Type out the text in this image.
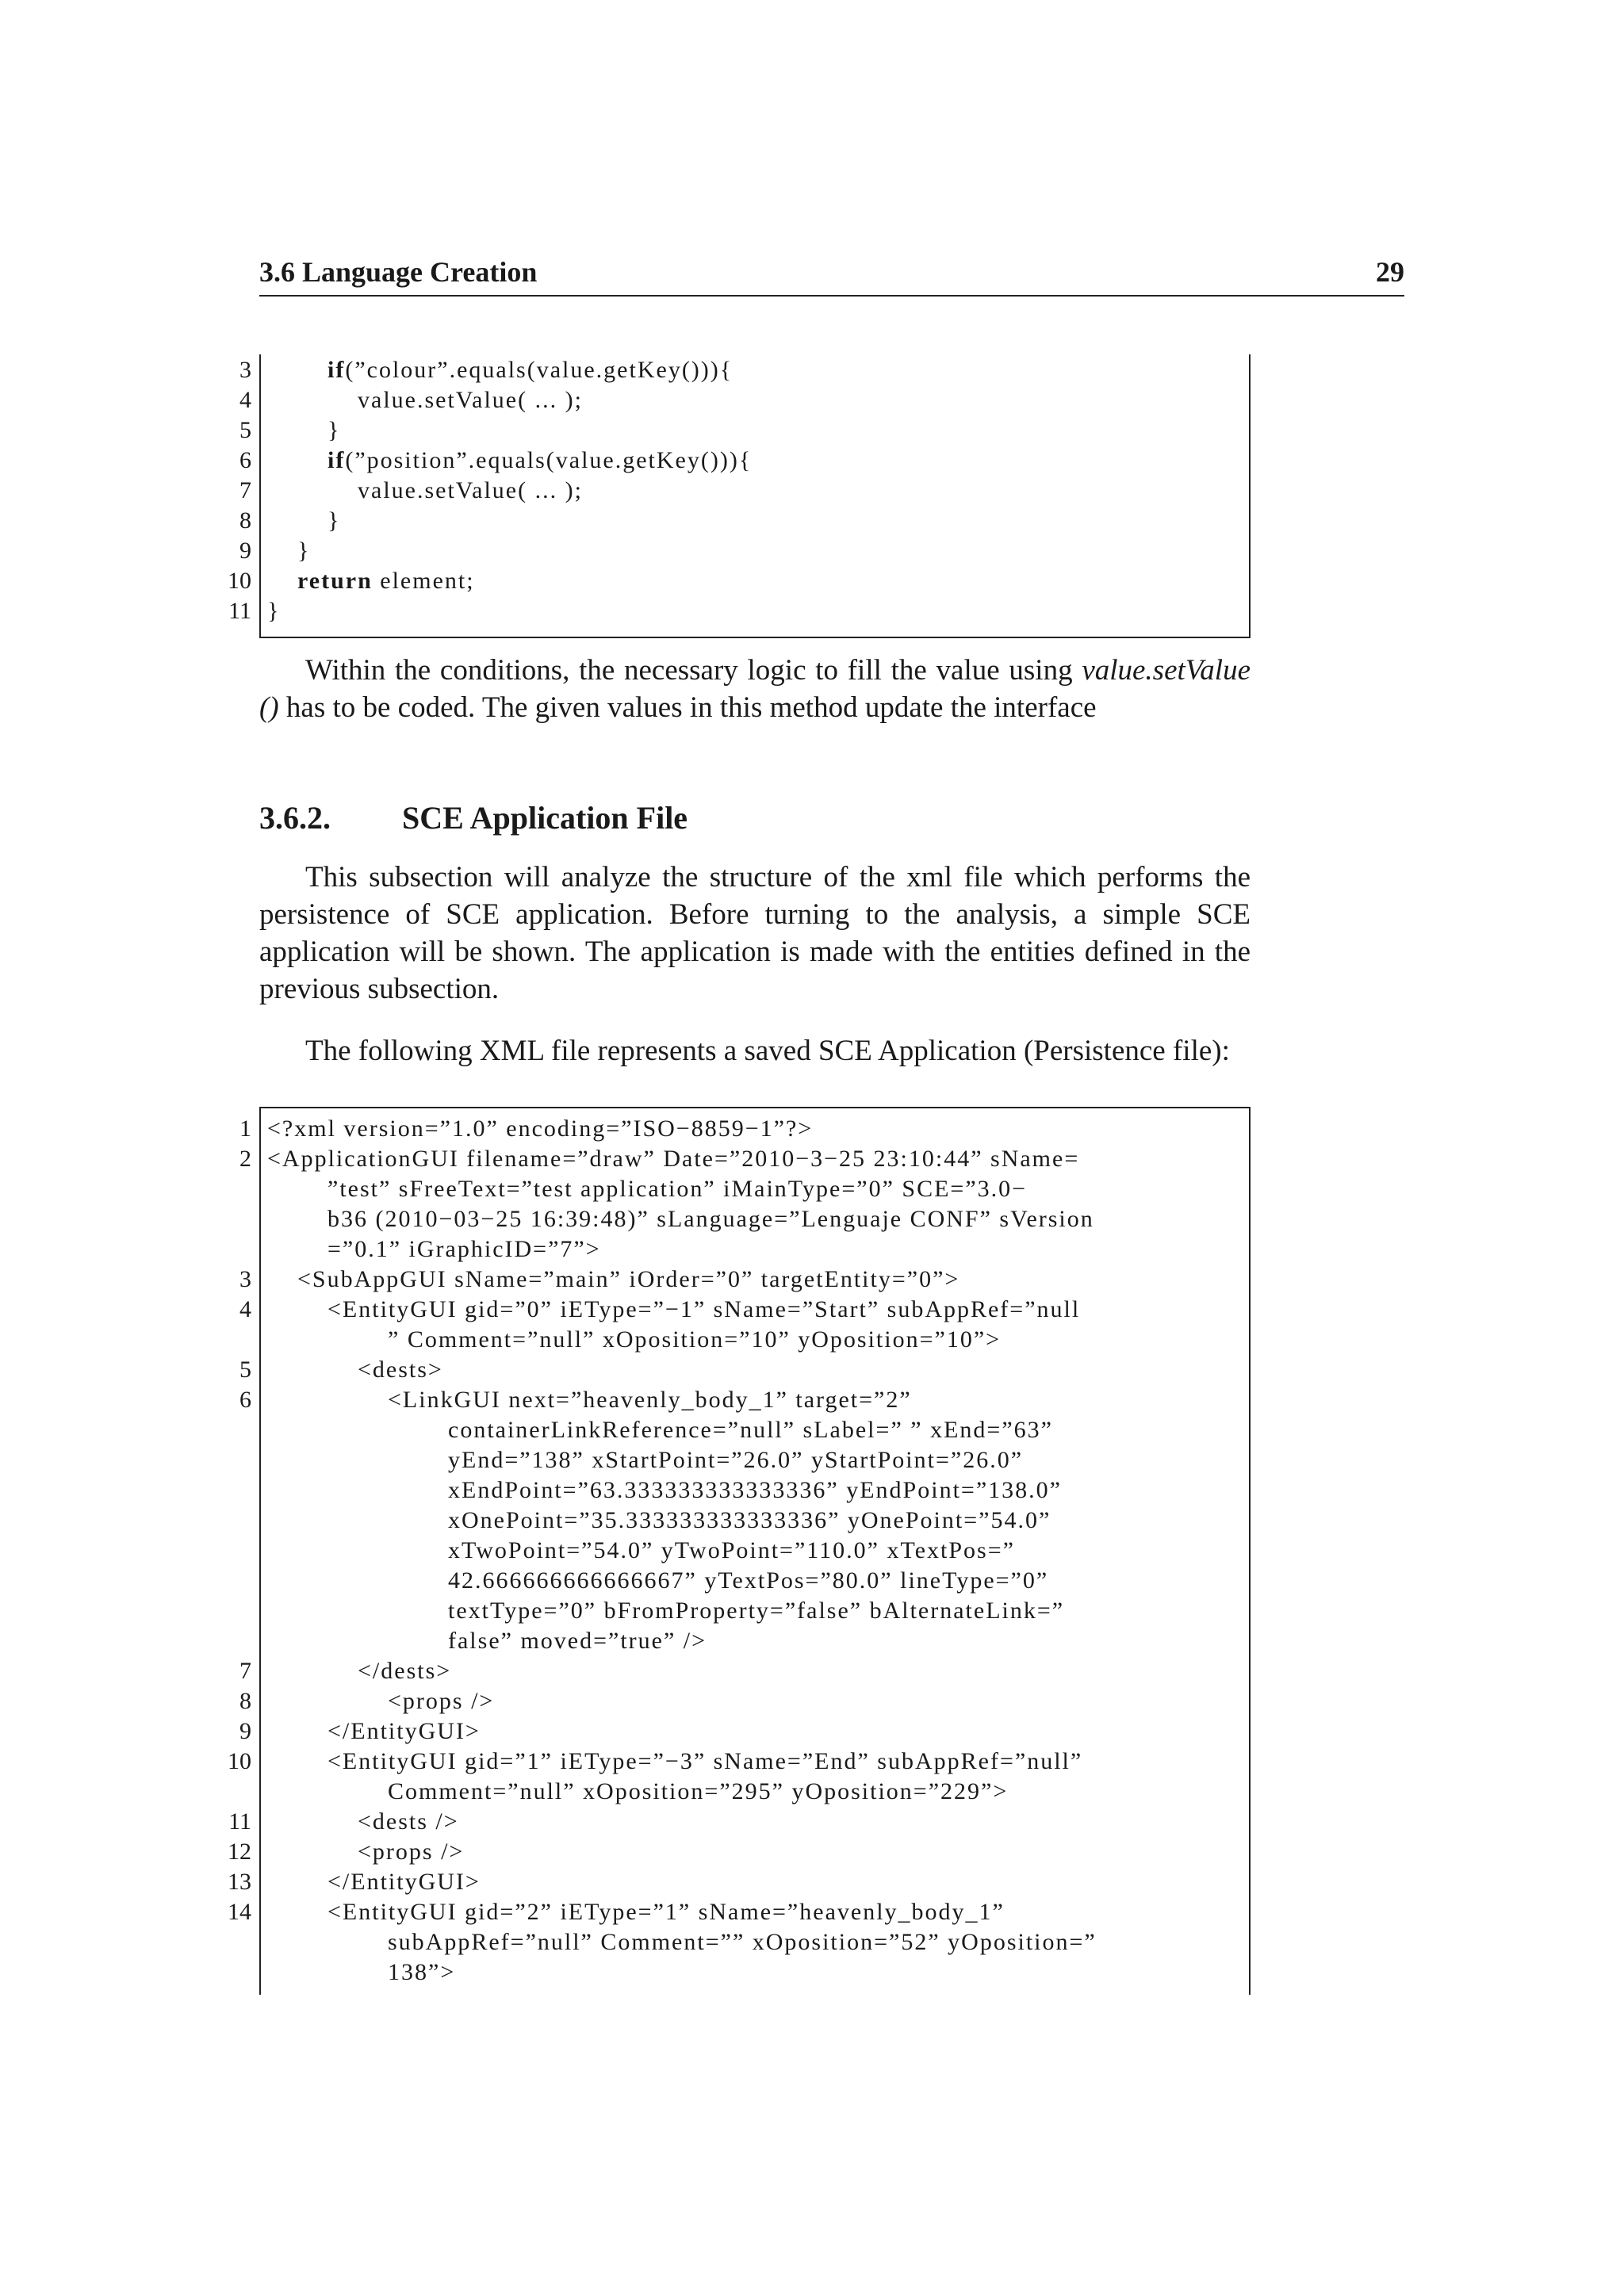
3.6 Language Creation	29
3	if(”colour”.equals(value.getKey())){
4	value.setValue( ... );
5	}
6	if(”position”.equals(value.getKey())){
7	value.setValue( ... );
8	}
9 }
10 return element;
11 }

Within the conditions, the necessary logic to fill the value using value.setValue () has to be coded. The given values in this method update the interface

3.6.2. SCE Application File

This subsection will analyze the structure of the xml file which performs the persistence of SCE application. Before turning to the analysis, a simple SCE application will be shown. The application is made with the entities defined in the previous subsection.

The following XML file represents a saved SCE Application (Persistence file):

1 <?xml version=”1.0” encoding=”ISO−8859−1”?>
2 <ApplicationGUI filename=”draw” Date=”2010−3−25 23:10:44” sName=
”test” sFreeText=”test application” iMainType=”0” SCE=”3.0−
b36 (2010−03−25 16:39:48)” sLanguage=”Lenguaje CONF” sVersion
=”0.1” iGraphicID=”7”>
3 <SubAppGUI sName=”main” iOrder=”0” targetEntity=”0”>
4	<EntityGUI gid=”0” iEType=”−1” sName=”Start” subAppRef=”null
” Comment=”null” xOposition=”10” yOposition=”10”>
5	<dests>
6	<LinkGUI next=”heavenly_body_1” target=”2”
containerLinkReference=”null” sLabel=” ” xEnd=”63”
yEnd=”138” xStartPoint=”26.0” yStartPoint=”26.0”
xEndPoint=”63.333333333333336” yEndPoint=”138.0”
xOnePoint=”35.333333333333336” yOnePoint=”54.0”
xTwoPoint=”54.0” yTwoPoint=”110.0” xTextPos=”
42.666666666666667” yTextPos=”80.0” lineType=”0”
textType=”0” bFromProperty=”false” bAlternateLink=”
false” moved=”true” />
7	</dests>
8	<props />
9	</EntityGUI>
10	<EntityGUI gid=”1” iEType=”−3” sName=”End” subAppRef=”null”
Comment=”null” xOposition=”295” yOposition=”229”>
11	<dests />
12	<props />
13	</EntityGUI>
14	<EntityGUI gid=”2” iEType=”1” sName=”heavenly_body_1”
subAppRef=”null” Comment=”” xOposition=”52” yOposition=”
138”>
